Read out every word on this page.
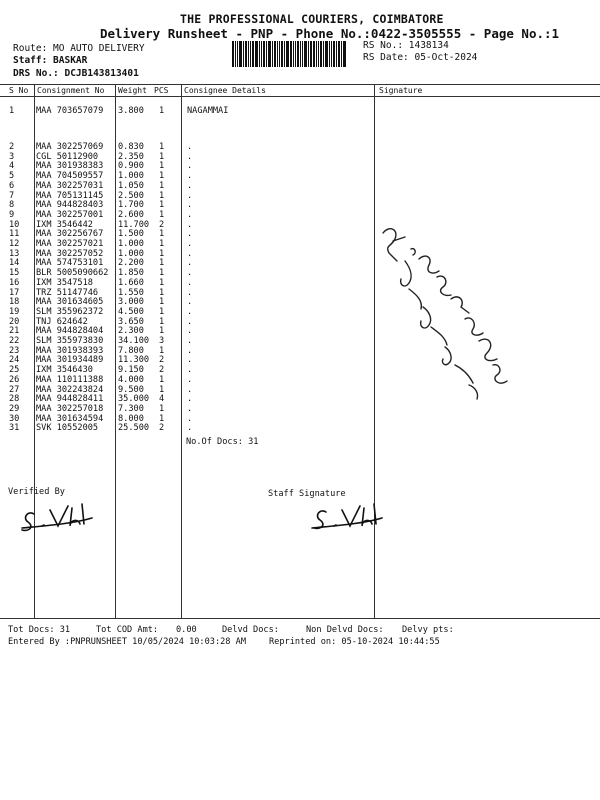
THE PROFESSIONAL COURIERS, COIMBATORE
Delivery Runsheet - PNP - Phone No.:0422-3505555 - Page No.:1
Route: MO AUTO DELIVERY
Staff: BASKAR
DRS No.: DCJB143813401
RS No.: 1438134
RS Date: 05-Oct-2024
S No Consignment No Weight PCS Consignee Details	Signature
1	MAA 703657079 3.800 1	NAGAMMAI
2	MAA 302257069 0.830 1	.
3	CGL 50112900 2.350 1	.
4	MAA 301938383 0.900 1	.
5	MAA 704509557 1.000 1	.
6	MAA 302257031 1.050 1	.
7	MAA 705131145 2.500 1	.
8	MAA 944828403 1.700 1	.
9	MAA 302257001 2.600 1	.
10 IXM 3546442	11.700 2	.
11 MAA 302256767 1.500 1	.
12 MAA 302257021 1.000 1	.
13 MAA 302257052 1.000 1	.
14 MAA 574753101 2.200 1	.
15 BLR 5005090662 1.850 1	.
16 IXM 3547518	1.660 1	.
17 TRZ 51147746 1.550 1	.
18 MAA 301634605 3.000 1	.
19 SLM 355962372 4.500 1	.
20 TNJ 624642	3.650 1	.
21 MAA 944828404 2.300 1	.
22 SLM 355973830 34.100 3	.
23 MAA 301938393 7.800 1	.
24 MAA 301934489 11.300 2	.
25 IXM 3546430	9.150 2	.
26 MAA 110111388 4.000 1	.
27 MAA 302243824 9.500 1	.
28 MAA 944828411 35.000 4	.
29 MAA 302257018 7.300 1	.
30 MAA 301634594 8.000 1	.
31 SVK 10552005 25.500 2	.
No.Of Docs: 31
Tot Docs: 31	Tot COD Amt: 0.00	Delvd Docs:	Non Delvd Docs: Delvy pts:
Entered By :PNPRUNSHEET 10/05/2024 10:03:28 AM	Reprinted on: 05-10-2024 10:44:55
Verified By	Staff Signature
